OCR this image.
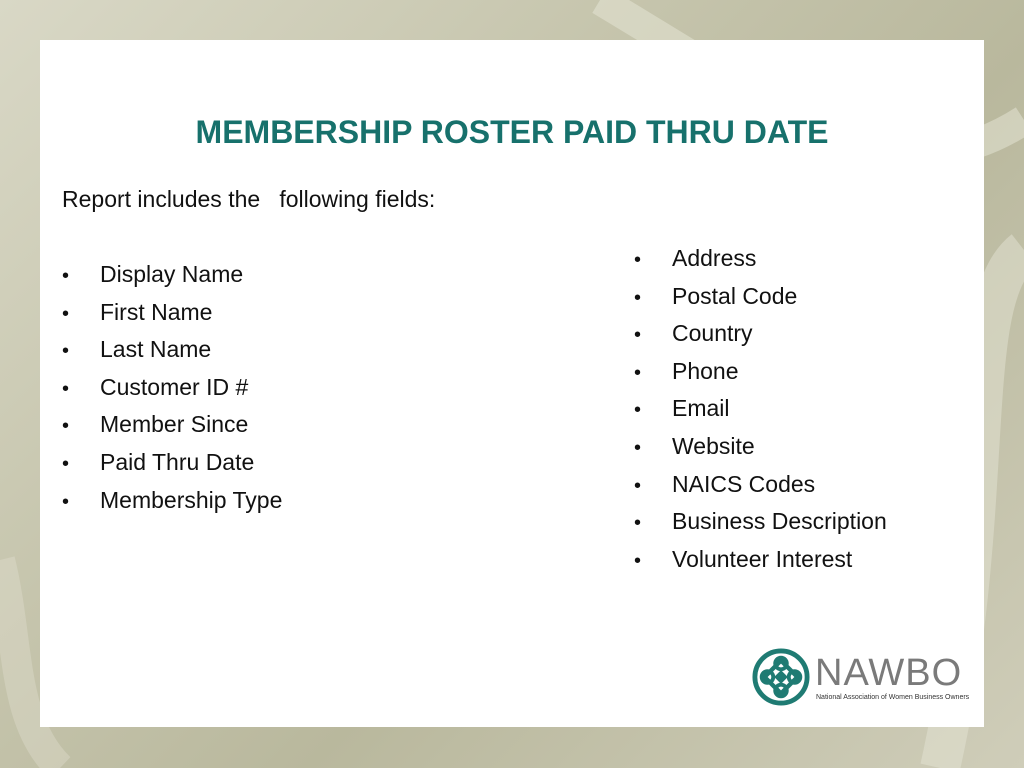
MEMBERSHIP ROSTER PAID THRU DATE
Report includes the   following fields:
• Display Name
• First Name
• Last Name
• Customer ID #
• Member Since
• Paid Thru Date
• Membership Type
• Address
• Postal Code
• Country
• Phone
• Email
• Website
• NAICS Codes
• Business Description
• Volunteer Interest
NAWBO
National Association of Women Business Owners
